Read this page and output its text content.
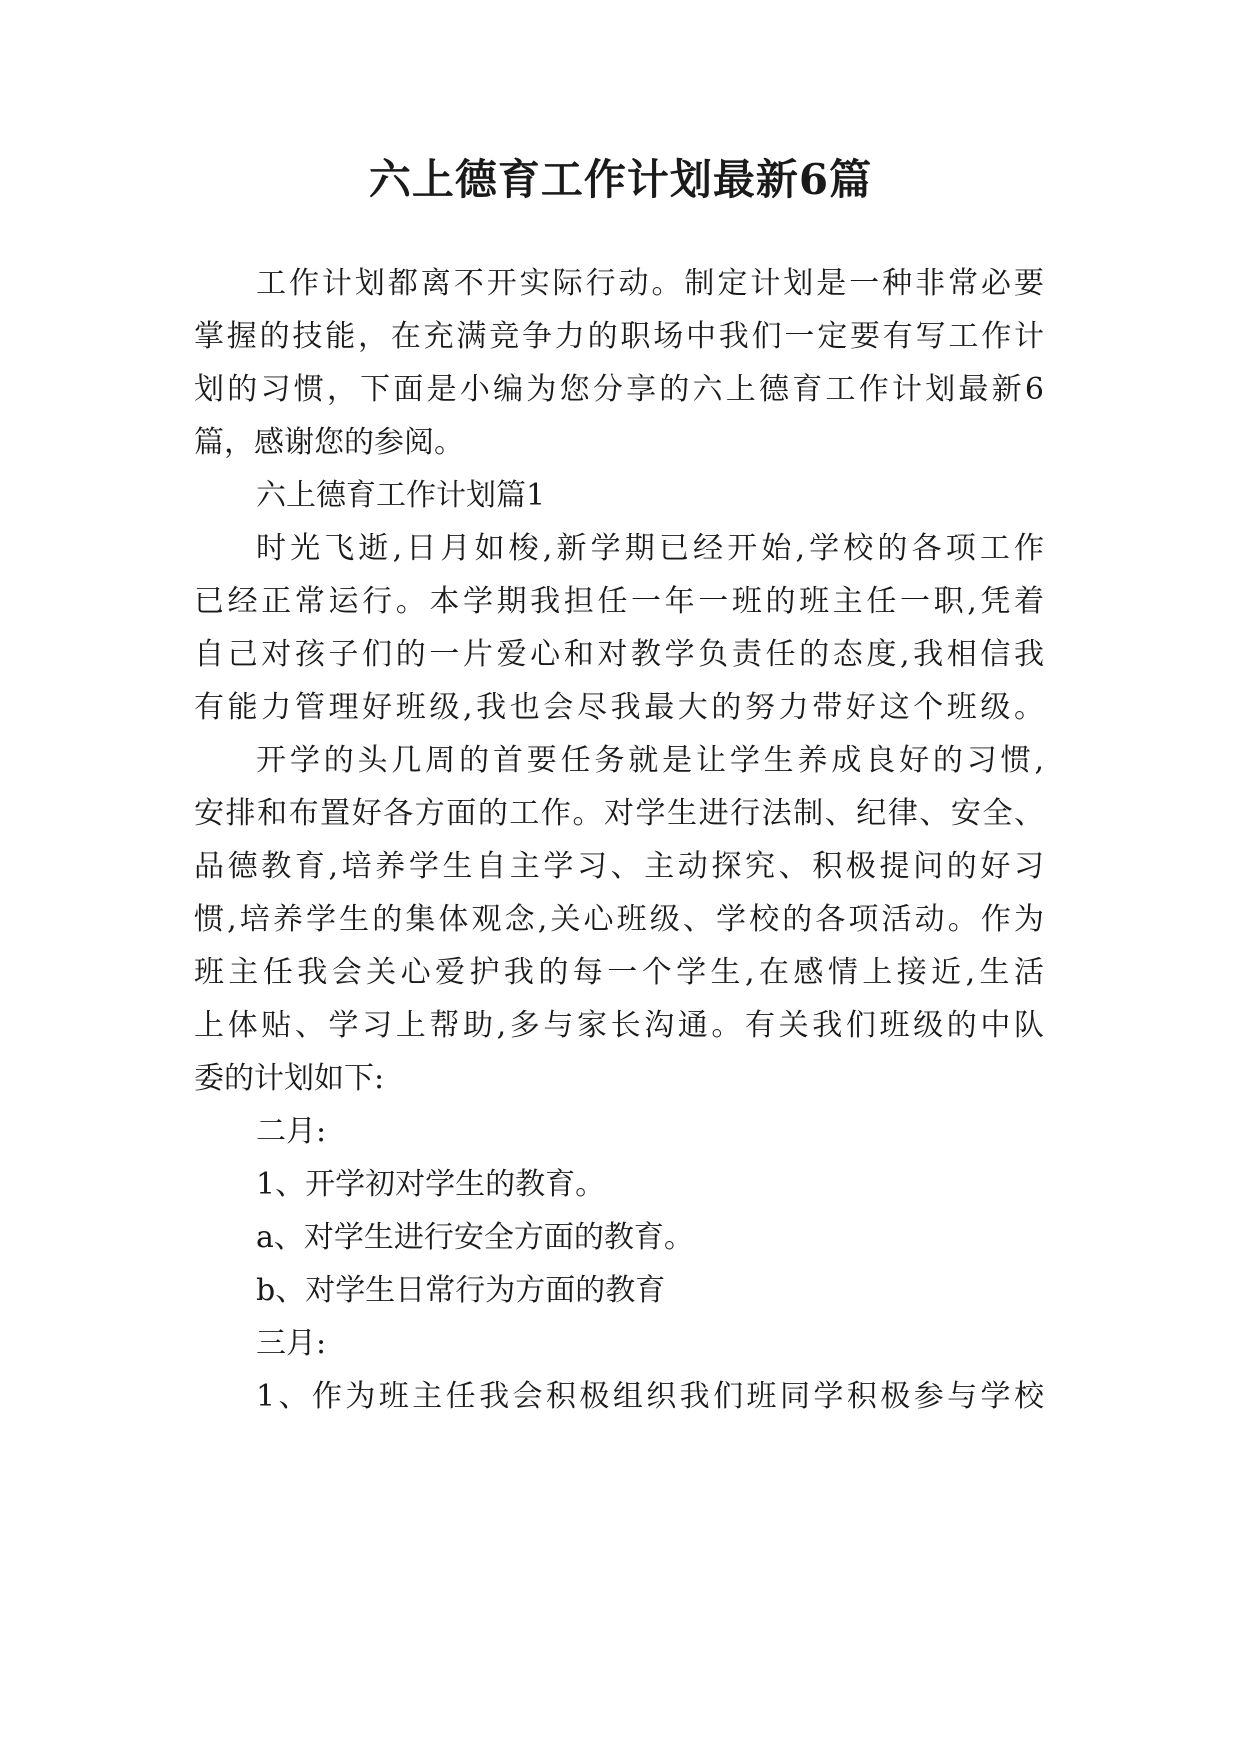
六上德育工作计划最新6篇
工作计划都离不开实际行动。制定计划是一种非常必要
掌握的技能，在充满竞争力的职场中我们一定要有写工作计
划的习惯，下面是小编为您分享的六上德育工作计划最新6
篇，感谢您的参阅。
六上德育工作计划篇1
时光飞逝,日月如梭,新学期已经开始,学校的各项工作
已经正常运行。本学期我担任一年一班的班主任一职,凭着
自己对孩子们的一片爱心和对教学负责任的态度,我相信我
有能力管理好班级,我也会尽我最大的努力带好这个班级。
开学的头几周的首要任务就是让学生养成良好的习惯,
安排和布置好各方面的工作。对学生进行法制、纪律、安全、
品德教育,培养学生自主学习、主动探究、积极提问的好习
惯,培养学生的集体观念,关心班级、学校的各项活动。作为
班主任我会关心爱护我的每一个学生,在感情上接近,生活
上体贴、学习上帮助,多与家长沟通。有关我们班级的中队
委的计划如下:
二月:
1、开学初对学生的教育。
a、对学生进行安全方面的教育。
b、对学生日常行为方面的教育
三月:
1、作为班主任我会积极组织我们班同学积极参与学校
